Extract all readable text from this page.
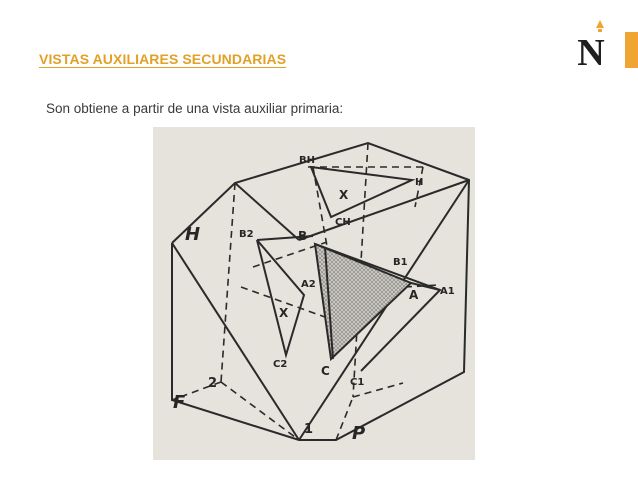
VISTAS AUXILIARES SECUNDARIAS
Son obtiene a partir de una vista auxiliar primaria:
N
H
F
P
1
2
B
A
C
A1
B1
C1
B2
A2
C2
X
X
H
BH
CH
